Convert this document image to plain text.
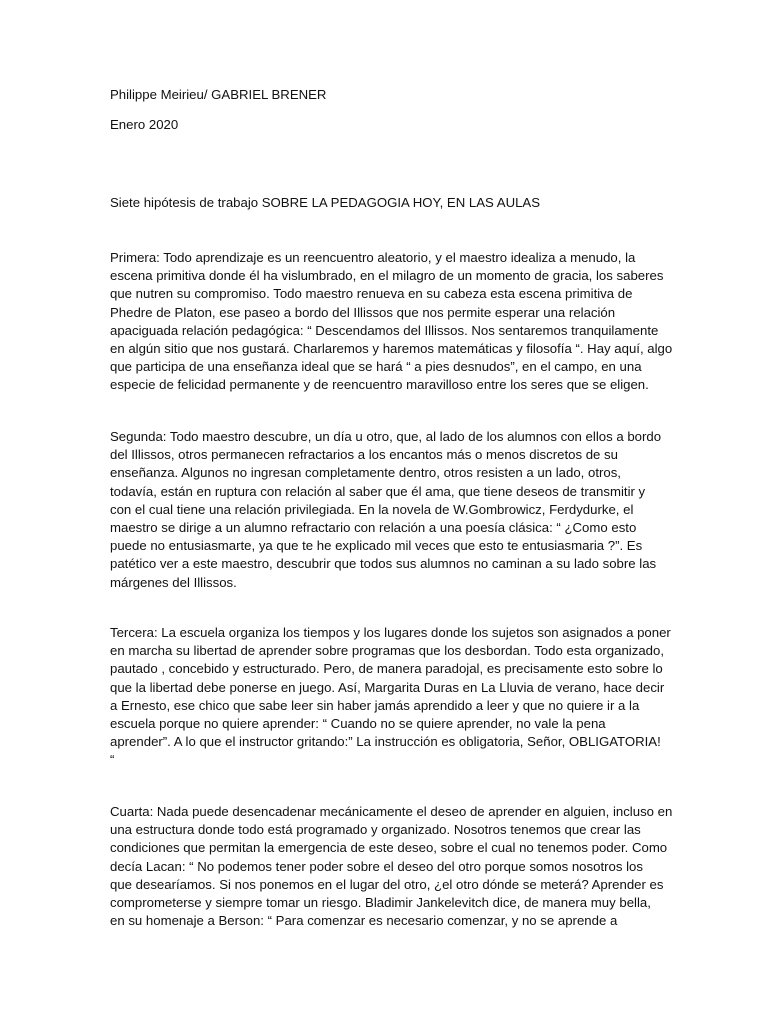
Philippe Meirieu/ GABRIEL BRENER
Enero 2020
Siete hipótesis de trabajo SOBRE LA PEDAGOGIA HOY, EN LAS AULAS
Primera: Todo aprendizaje es un reencuentro aleatorio, y el maestro idealiza a menudo, la
escena primitiva donde él ha vislumbrado, en el milagro de un momento de gracia, los saberes
que nutren su compromiso. Todo maestro renueva en su cabeza esta escena primitiva de
Phedre de Platon, ese paseo a bordo del Illissos que nos permite esperar una relación
apaciguada relación pedagógica: “ Descendamos del Illissos. Nos sentaremos tranquilamente
en algún sitio que nos gustará. Charlaremos y haremos matemáticas y filosofía “. Hay aquí, algo
que participa de una enseñanza ideal que se hará “ a pies desnudos”, en el campo, en una
especie de felicidad permanente y de reencuentro maravilloso entre los seres que se eligen.
Segunda: Todo maestro descubre, un día u otro, que, al lado de los alumnos con ellos a bordo
del Illissos, otros permanecen refractarios a los encantos más o menos discretos de su
enseñanza. Algunos no ingresan completamente dentro, otros resisten a un lado, otros,
todavía, están en ruptura con relación al saber que él ama, que tiene deseos de transmitir y
con el cual tiene una relación privilegiada. En la novela de W.Gombrowicz, Ferdydurke, el
maestro se dirige a un alumno refractario con relación a una poesía clásica: “ ¿Como esto
puede no entusiasmarte, ya que te he explicado mil veces que esto te entusiasmaria ?”. Es
patético ver a este maestro, descubrir que todos sus alumnos no caminan a su lado sobre las
márgenes del Illissos.
Tercera: La escuela organiza los tiempos y los lugares donde los sujetos son asignados a poner
en marcha su libertad de aprender sobre programas que los desbordan. Todo esta organizado,
pautado , concebido y estructurado. Pero, de manera paradojal, es precisamente esto sobre lo
que la libertad debe ponerse en juego. Así, Margarita Duras en La Lluvia de verano, hace decir
a Ernesto, ese chico que sabe leer sin haber jamás aprendido a leer y que no quiere ir a la
escuela porque no quiere aprender: “ Cuando no se quiere aprender, no vale la pena
aprender”. A lo que el instructor gritando:” La instrucción es obligatoria, Señor, OBLIGATORIA!
“
Cuarta: Nada puede desencadenar mecánicamente el deseo de aprender en alguien, incluso en
una estructura donde todo está programado y organizado. Nosotros tenemos que crear las
condiciones que permitan la emergencia de este deseo, sobre el cual no tenemos poder. Como
decía Lacan: “ No podemos tener poder sobre el deseo del otro porque somos nosotros los
que desearíamos. Si nos ponemos en el lugar del otro, ¿el otro dónde se meterá? Aprender es
comprometerse y siempre tomar un riesgo. Bladimir Jankelevitch dice, de manera muy bella,
en su homenaje a Berson: “ Para comenzar es necesario comenzar, y no se aprende a
